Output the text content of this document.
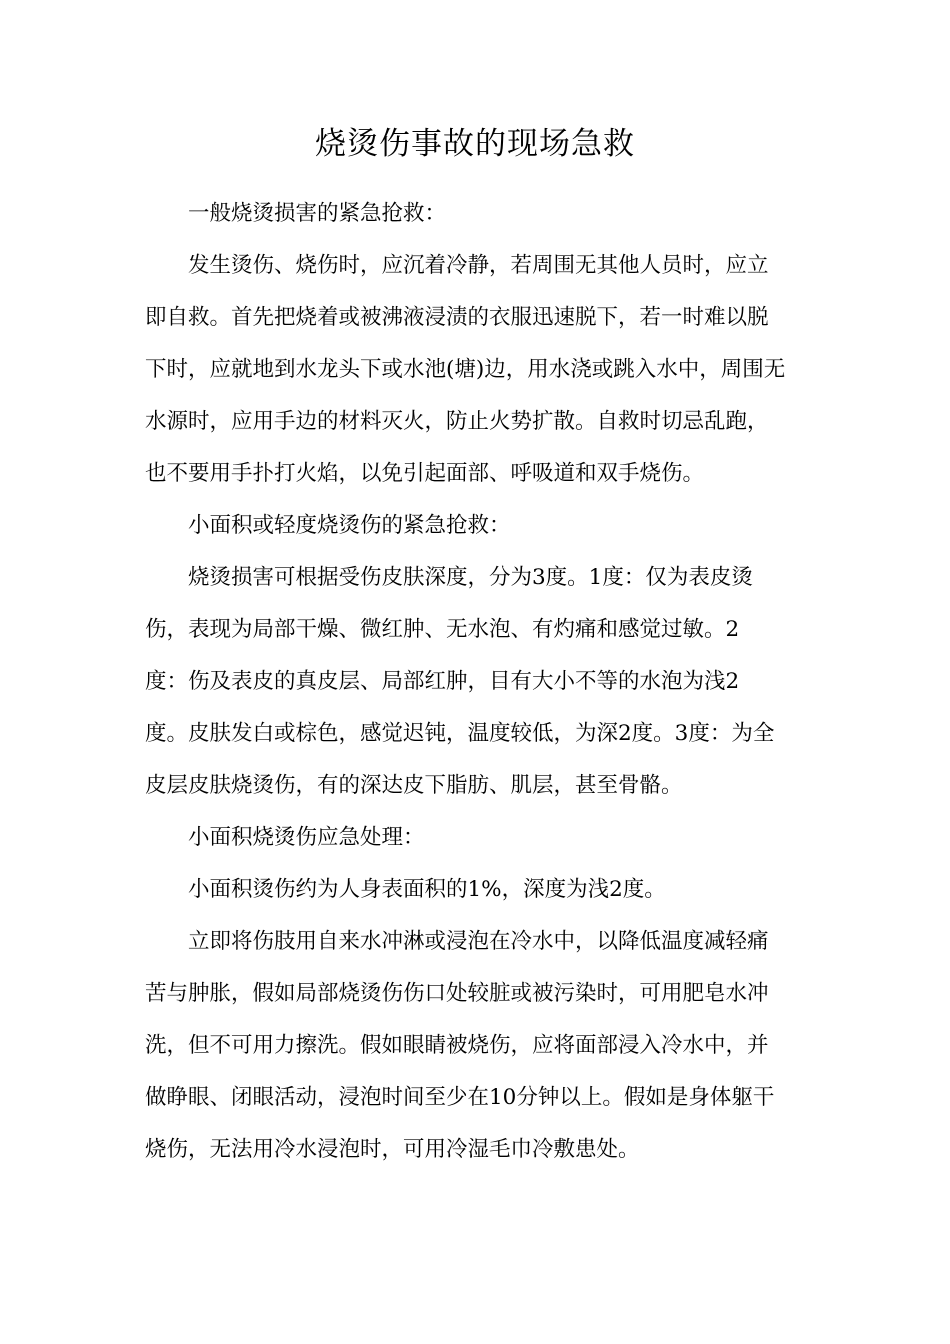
烧烫伤事故的现场急救
一般烧烫损害的紧急抢救：
发生烫伤、烧伤时，应沉着冷静，若周围无其他人员时，应立
即自救。首先把烧着或被沸液浸渍的衣服迅速脱下，若一时难以脱
下时，应就地到水龙头下或水池(塘)边，用水浇或跳入水中，周围无
水源时，应用手边的材料灭火，防止火势扩散。自救时切忌乱跑，
也不要用手扑打火焰，以免引起面部、呼吸道和双手烧伤。
小面积或轻度烧烫伤的紧急抢救：
烧烫损害可根据受伤皮肤深度，分为3度。1度：仅为表皮烫
伤，表现为局部干燥、微红肿、无水泡、有灼痛和感觉过敏。2
度：伤及表皮的真皮层、局部红肿，目有大小不等的水泡为浅2
度。皮肤发白或棕色，感觉迟钝，温度较低，为深2度。3度：为全
皮层皮肤烧烫伤，有的深达皮下脂肪、肌层，甚至骨骼。
小面积烧烫伤应急处理：
小面积烫伤约为人身表面积的1%，深度为浅2度。
立即将伤肢用自来水冲淋或浸泡在冷水中，以降低温度减轻痛
苦与肿胀，假如局部烧烫伤伤口处较脏或被污染时，可用肥皂水冲
洗，但不可用力擦洗。假如眼睛被烧伤，应将面部浸入冷水中，并
做睁眼、闭眼活动，浸泡时间至少在10分钟以上。假如是身体躯干
烧伤，无法用冷水浸泡时，可用冷湿毛巾冷敷患处。
